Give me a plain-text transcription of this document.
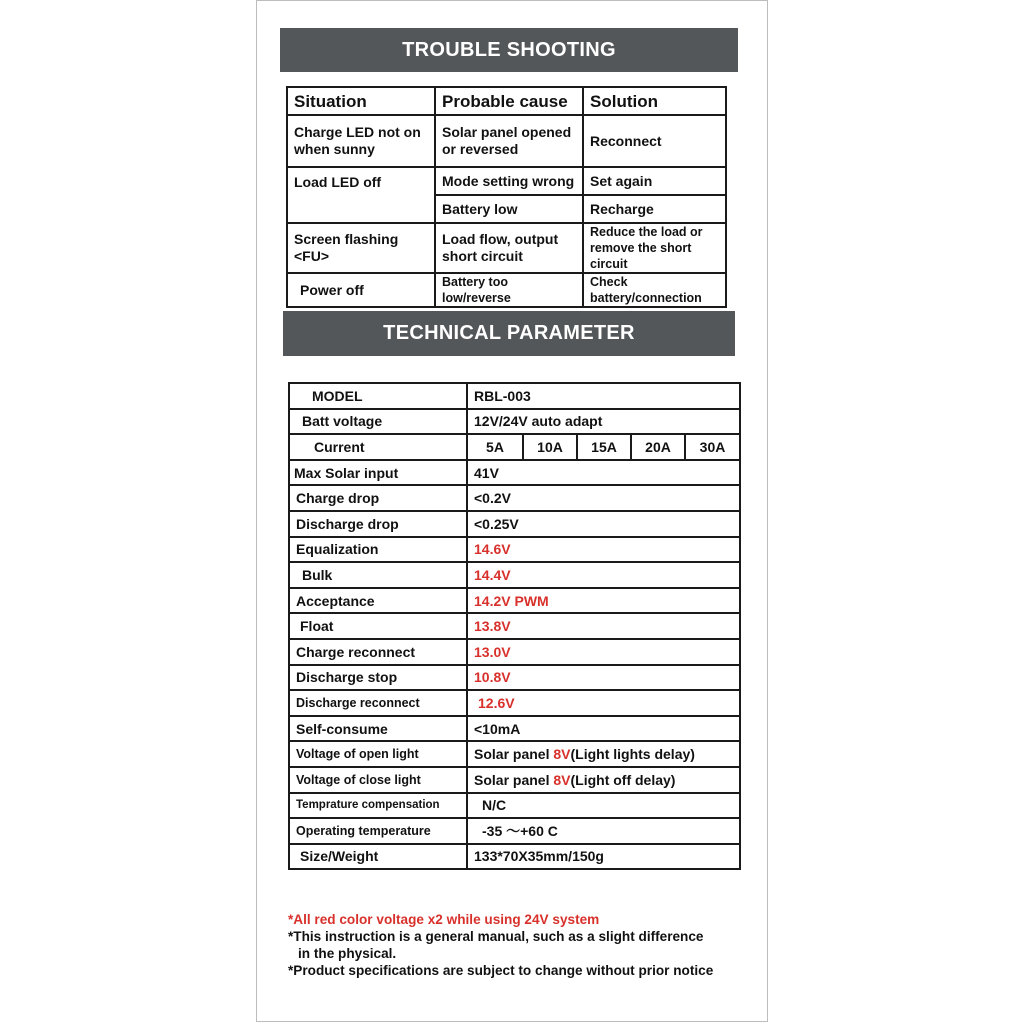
TROUBLE SHOOTING
Situation	Probable cause	Solution
Charge LED not on when sunny	Solar panel opened or reversed	Reconnect
Load LED off	Mode setting wrong	Set again
	Battery low	Recharge
Screen flashing <FU>	Load flow, output short circuit	Reduce the load or remove the short circuit
Power off	Battery too low/reverse	Check battery/connection
TECHNICAL PARAMETER
MODEL	RBL-003				
Batt voltage	12V/24V auto adapt				
Current	5A	10A	15A	20A	30A
Max Solar input	41V				
Charge drop	<0.2V				
Discharge drop	<0.25V				
Equalization	14.6V				
Bulk	14.4V				
Acceptance	14.2V PWM				
Float	13.8V				
Charge reconnect	13.0V				
Discharge stop	10.8V				
Discharge reconnect	12.6V				
Self-consume	<10mA				
Voltage of open light	Solar panel 8V(Light lights delay)				
Voltage of close light	Solar panel 8V(Light off delay)				
Temprature compensation	N/C				
Operating temperature	-35 ～+60 C				
Size/Weight	133*70X35mm/150g				

*All red color voltage x2 while using 24V system

*This instruction is a general manual, such as a slight difference

in the physical.

*Product specifications are subject to change without prior notice
